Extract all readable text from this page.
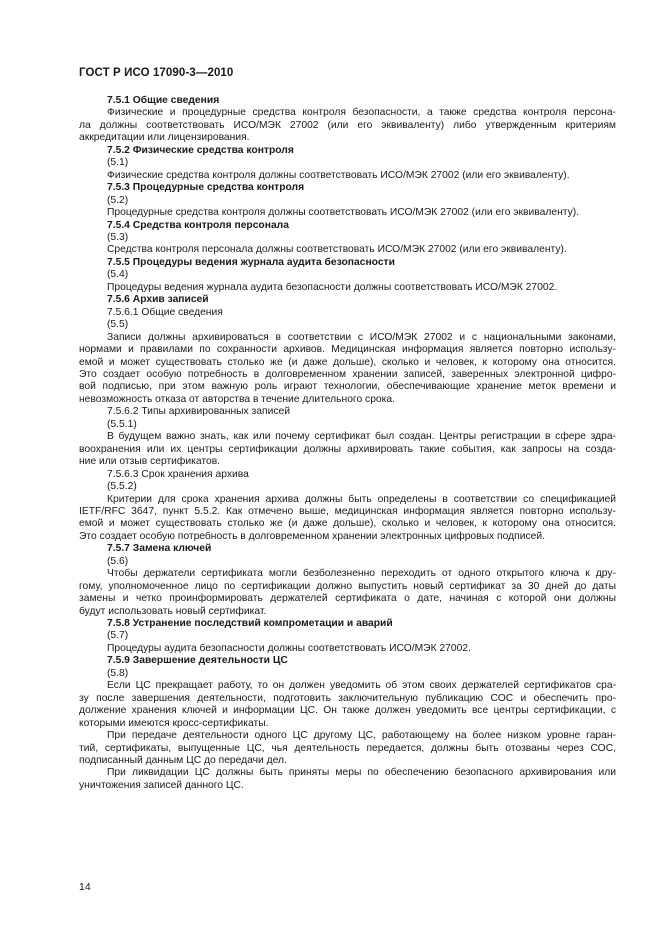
ГОСТ Р ИСО 17090-3—2010
7.5.1 Общие сведения
Физические и процедурные средства контроля безопасности, а также средства контроля персона-
ла должны соответствовать ИСО/МЭК 27002 (или его эквиваленту) либо утвержденным критериям
аккредитации или лицензирования.
7.5.2 Физические средства контроля
(5.1)
Физические средства контроля должны соответствовать ИСО/МЭК 27002 (или его эквиваленту).
7.5.3 Процедурные средства контроля
(5.2)
Процедурные средства контроля должны соответствовать ИСО/МЭК 27002 (или его эквиваленту).
7.5.4 Средства контроля персонала
(5.3)
Средства контроля персонала должны соответствовать ИСО/МЭК 27002 (или его эквиваленту).
7.5.5 Процедуры ведения журнала аудита безопасности
(5.4)
Процедуры ведения журнала аудита безопасности должны соответствовать ИСО/МЭК 27002.
7.5.6 Архив записей
7.5.6.1 Общие сведения
(5.5)
Записи должны архивироваться в соответствии с ИСО/МЭК 27002 и с национальными законами,
нормами и правилами по сохранности архивов. Медицинская информация является повторно использу-
емой и может существовать столько же (и даже дольше), сколько и человек, к которому она относится.
Это создает особую потребность в долговременном хранении записей, заверенных электронной цифро-
вой подписью, при этом важную роль играют технологии, обеспечивающие хранение меток времени и
невозможность отказа от авторства в течение длительного срока.
7.5.6.2 Типы архивированных записей
(5.5.1)
В будущем важно знать, как или почему сертификат был создан. Центры регистрации в сфере здра-
воохранения или их центры сертификации должны архивировать такие события, как запросы на созда-
ние или отзыв сертификатов.
7.5.6.3 Срок хранения архива
(5.5.2)
Критерии для срока хранения архива должны быть определены в соответствии со спецификацией
IETF/RFC 3647, пункт 5.5.2. Как отмечено выше, медицинская информация является повторно использу-
емой и может существовать столько же (и даже дольше), сколько и человек, к которому она относится.
Это создает особую потребность в долговременном хранении электронных цифровых подписей.
7.5.7 Замена ключей
(5.6)
Чтобы держатели сертификата могли безболезненно переходить от одного открытого ключа к дру-
гому, уполномоченное лицо по сертификации должно выпустить новый сертификат за 30 дней до даты
замены и четко проинформировать держателей сертификата о дате, начиная с которой они должны
будут использовать новый сертификат.
7.5.8 Устранение последствий компрометации и аварий
(5.7)
Процедуры аудита безопасности должны соответствовать ИСО/МЭК 27002.
7.5.9 Завершение деятельности ЦС
(5.8)
Если ЦС прекращает работу, то он должен уведомить об этом своих держателей сертификатов сра-
зу после завершения деятельности, подготовить заключительную публикацию СОС и обеспечить про-
должение хранения ключей и информации ЦС. Он также должен уведомить все центры сертификации, с
которыми имеются кросс-сертификаты.
При передаче деятельности одного ЦС другому ЦС, работающему на более низком уровне гаран-
тий, сертификаты, выпущенные ЦС, чья деятельность передается, должны быть отозваны через СОС,
подписанный данным ЦС до передачи дел.
При ликвидации ЦС должны быть приняты меры по обеспечению безопасного архивирования или
уничтожения записей данного ЦС.
14
